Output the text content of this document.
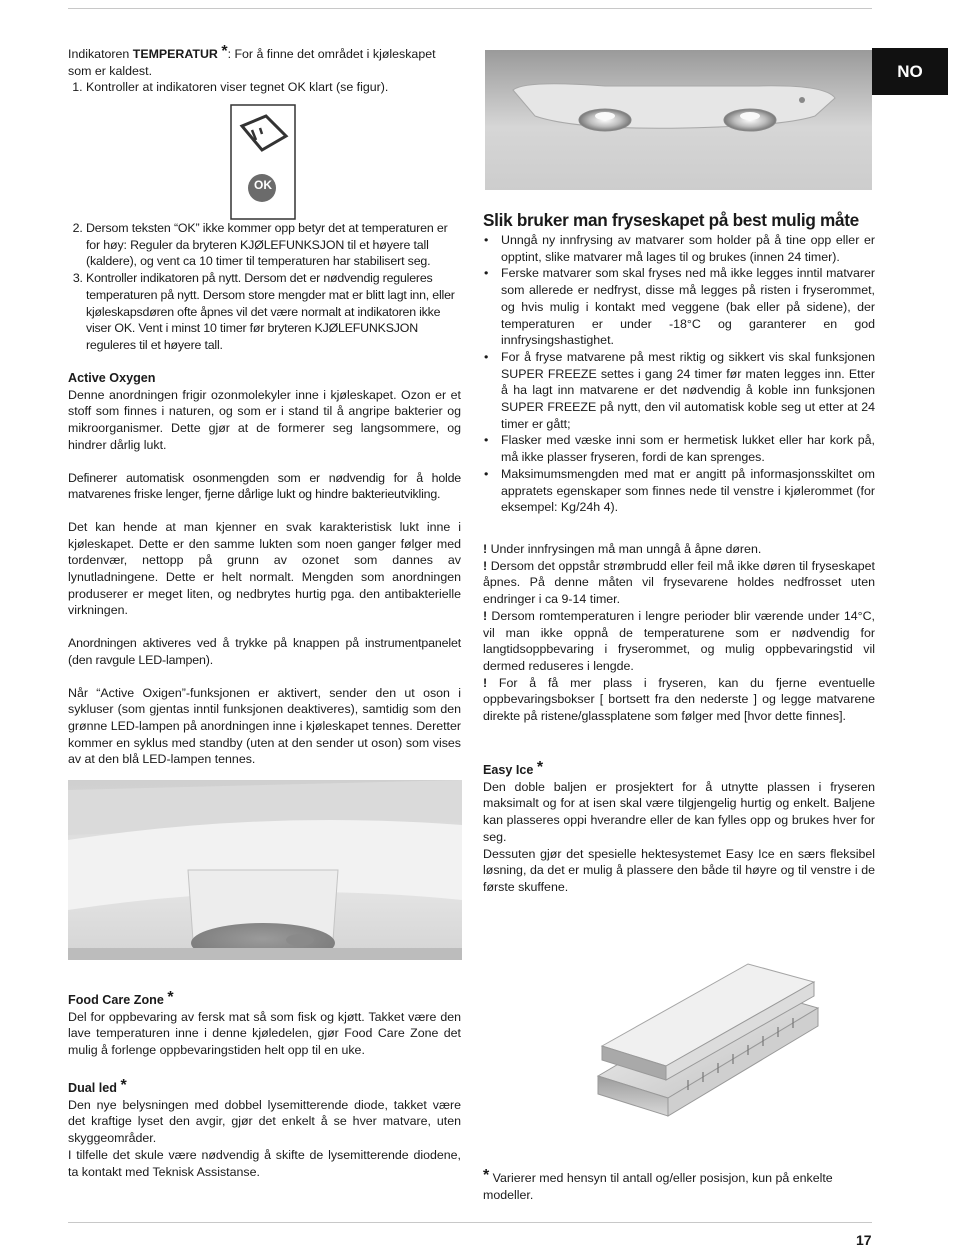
NO

Indikatoren TEMPERATUR *: For å finne det området i kjøleskapet som er kaldest.

1. Kontroller at indikatoren viser tegnet OK klart (se figur).
OK
2. Dersom teksten “OK” ikke kommer opp betyr det at temperaturen er for høy: Reguler da bryteren KJØLEFUNKSJON til et høyere tall (kaldere), og vent ca 10 timer til temperaturen har stabilisert seg.
3. Kontroller indikatoren på nytt. Dersom det er nødvendig reguleres temperaturen på nytt. Dersom store mengder mat er blitt lagt inn, eller kjøleskapsdøren ofte åpnes vil det være normalt at indikatoren ikke viser OK. Vent i minst 10 timer før bryteren KJØLEFUNKSJON reguleres til et høyere tall.

Active Oxygen

Denne anordningen frigir ozonmolekyler inne i kjøleskapet. Ozon er et stoff som finnes i naturen, og som er i stand til å angripe bakterier og mikroorganismer. Dette gjør at de formerer seg langsommere, og hindrer dårlig lukt.

Definerer automatisk osonmengden som er nødvendig for å holde matvarenes friske lenger, fjerne dårlige lukt og hindre bakterieutvikling.

Det kan hende at man kjenner en svak karakteristisk lukt inne i kjøleskapet. Dette er den samme lukten som noen ganger følger med tordenvær, nettopp på grunn av ozonet som dannes av lynutladningene. Dette er helt normalt. Mengden som anordningen produserer er meget liten, og nedbrytes hurtig pga. den antibakterielle virkningen.

Anordningen aktiveres ved å trykke på knappen på instrumentpanelet (den ravgule LED-lampen).

Når “Active Oxigen”-funksjonen er aktivert, sender den ut oson i sykluser (som gjentas inntil funksjonen deaktiveres), samtidig som den grønne LED-lampen på anordningen inne i kjøleskapet tennes. Deretter kommer en syklus med standby (uten at den sender ut oson) som vises av at den blå LED-lampen tennes.

Food Care Zone *

Del for oppbevaring av fersk mat så som fisk og kjøtt. Takket være den lave temperaturen inne i denne kjøledelen, gjør Food Care Zone det mulig å forlenge oppbevaringstiden helt opp til en uke.

Dual led *

Den nye belysningen med dobbel lysemitterende diode, takket være det kraftige lyset den avgir, gjør det enkelt å se hver matvare, uten skyggeområder.

I tilfelle det skule være nødvendig å skifte de lysemitterende diodene, ta kontakt med Teknisk Assistanse.

Slik bruker man fryseskapet på best mulig måte

• Unngå ny innfrysing av matvarer som holder på å tine opp eller er opptint, slike matvarer må lages til og brukes (innen 24 timer).
• Ferske matvarer som skal fryses ned må ikke legges inntil matvarer som allerede er nedfryst, disse må legges på risten i fryserommet, og hvis mulig i kontakt med veggene (bak eller på sidene), der temperaturen er under -18°C og garanterer en god innfrysingshastighet.
• For å fryse matvarene på mest riktig og sikkert vis skal funksjonen SUPER FREEZE settes i gang 24 timer før maten legges inn. Etter å ha lagt inn matvarene er det nødvendig å koble inn funksjonen SUPER FREEZE på nytt, den vil automatisk koble seg ut etter at 24 timer er gått;
• Flasker med væske inni som er hermetisk lukket eller har kork på, må ikke plasser fryseren, fordi de kan sprenges.
• Maksimumsmengden med mat er angitt på informasjonsskiltet om appratets egenskaper som finnes nede til venstre i kjølerommet (for eksempel: Kg/24h 4).

! Under innfrysingen må man unngå å åpne døren.

! Dersom det oppstår strømbrudd eller feil må ikke døren til fryseskapet åpnes. På denne måten vil frysevarene holdes nedfrosset uten endringer i ca 9-14 timer.

! Dersom romtemperaturen i lengre perioder blir værende under 14°C, vil man ikke oppnå de temperaturene som er nødvendig for langtidsoppbevaring i fryserommet, og mulig oppbevaringstid vil dermed reduseres i lengde.

! For å få mer plass i fryseren, kan du fjerne eventuelle oppbevaringsbokser [ bortsett fra den nederste ] og legge matvarene direkte på ristene/glassplatene som følger med [hvor dette finnes].

Easy Ice *

Den doble baljen er prosjektert for å utnytte plassen i fryseren maksimalt og for at isen skal være tilgjengelig hurtig og enkelt. Baljene kan plasseres oppi hverandre eller de kan fylles opp og brukes hver for seg.

Dessuten gjør det spesielle hektesystemet Easy Ice en særs fleksibel løsning, da det er mulig å plassere den både til høyre og til venstre i de første skuffene.

* Varierer med hensyn til antall og/eller posisjon, kun på enkelte modeller.
17
